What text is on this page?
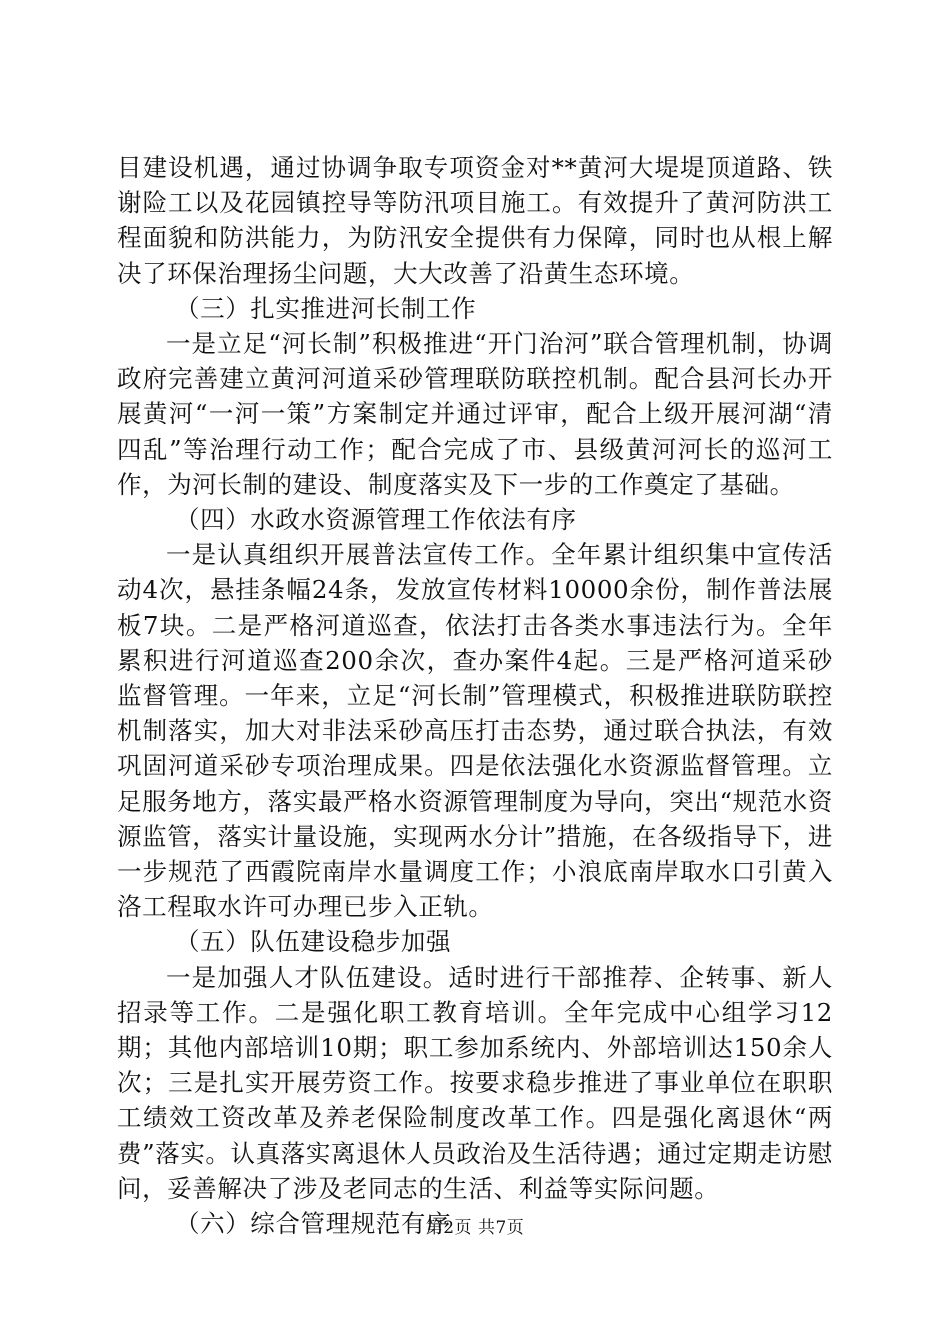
目建设机遇，通过协调争取专项资金对**黄河大堤堤顶道路、铁谢险工以及花园镇控导等防汛项目施工。有效提升了黄河防洪工程面貌和防洪能力，为防汛安全提供有力保障，同时也从根上解决了环保治理扬尘问题，大大改善了沿黄生态环境。

（三）扎实推进河长制工作

一是立足“河长制”积极推进“开门治河”联合管理机制，协调政府完善建立黄河河道采砂管理联防联控机制。配合县河长办开展黄河“一河一策”方案制定并通过评审，配合上级开展河湖“清四乱”等治理行动工作；配合完成了市、县级黄河河长的巡河工作，为河长制的建设、制度落实及下一步的工作奠定了基础。

（四）水政水资源管理工作依法有序

一是认真组织开展普法宣传工作。全年累计组织集中宣传活动4次，悬挂条幅24条，发放宣传材料10000余份，制作普法展板7块。二是严格河道巡查，依法打击各类水事违法行为。全年累积进行河道巡查200余次，查办案件4起。三是严格河道采砂监督管理。一年来，立足“河长制”管理模式，积极推进联防联控机制落实，加大对非法采砂高压打击态势，通过联合执法，有效巩固河道采砂专项治理成果。四是依法强化水资源监督管理。立足服务地方，落实最严格水资源管理制度为导向，突出“规范水资源监管，落实计量设施，实现两水分计”措施，在各级指导下，进一步规范了西霞院南岸水量调度工作；小浪底南岸取水口引黄入洛工程取水许可办理已步入正轨。

（五）队伍建设稳步加强

一是加强人才队伍建设。适时进行干部推荐、企转事、新人招录等工作。二是强化职工教育培训。全年完成中心组学习12期；其他内部培训10期；职工参加系统内、外部培训达150余人次；三是扎实开展劳资工作。按要求稳步推进了事业单位在职职工绩效工资改革及养老保险制度改革工作。四是强化离退休“两费”落实。认真落实离退休人员政治及生活待遇；通过定期走访慰问，妥善解决了涉及老同志的生活、利益等实际问题。

（六）综合管理规范有序

第2页 共7页
